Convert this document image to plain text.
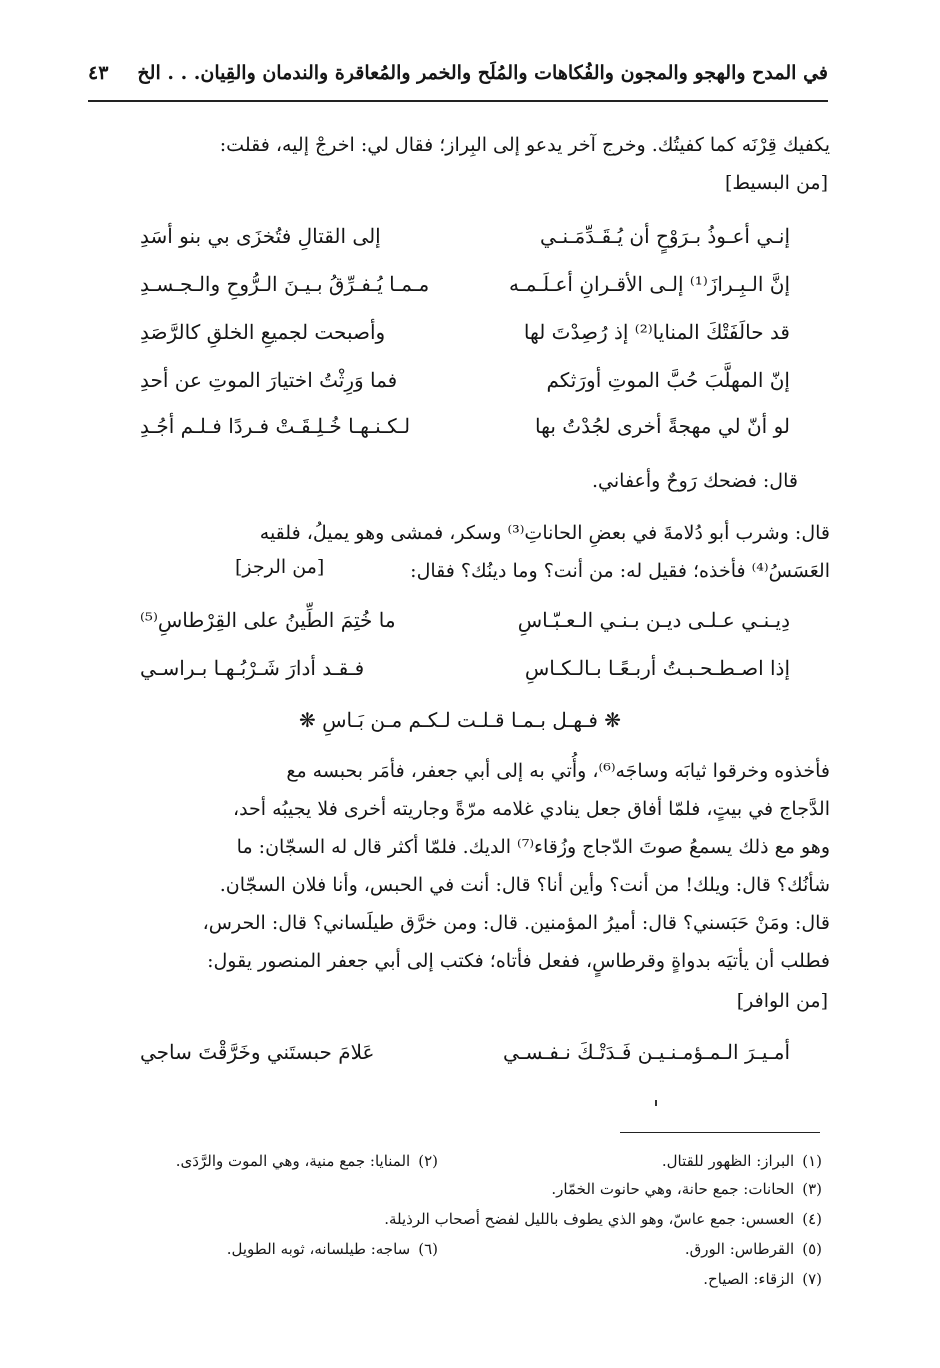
في المدح والهجو والمجون والفُكاهات والمُلَح والخمر والمُعاقرة والندمان والقِيان. . . الخ
٤٣
يكفيك قِرْنَه كما كفيتُك. وخرج آخر يدعو إلى البِراز؛ فقال لي: اخرجْ إليه، فقلت:
[من البسيط]
إنـي أعـوذُ بـرَوْحٍ أن يُـقَـدِّمَـنـي
إلى القتالِ فتُخزَى بي بنو أسَدِ
إنَّ الـبِـرازَ⁽¹⁾ إلـى الأقـرانِ أعـلَـمـه
مـمـا يُـفـرِّقُ بـيـنَ الـرُّوحِ والـجـسـدِ
قد حالَفَتْكَ المنايا⁽²⁾ إذ رُصِدْتَ لها
وأصبحت لجميعِ الخلقِ كالرَّصَدِ
إنّ المهلَّبَ حُبَّ الموتِ أورَثكم
فما وَرِثْتُ اختيارَ الموتِ عن أحدِ
لو أنّ لي مهجةً أخرى لجُدْتُ بها
لـكـنـهـا خُـلِـقَـتْ فـردًا فـلـم أجُـدِ
قال: فضحك رَوحٌ وأعفاني.
قال: وشرب أبو دُلامةَ في بعضِ الحاناتِ⁽³⁾ وسكر، فمشى وهو يميلُ، فلقيه
العَسَسُ⁽⁴⁾ فأخذه؛ فقيل له: من أنت؟ وما دينُك؟ فقال:
[من الرجز]
دِيـنـي عـلـى ديـن بـنـي الـعـبّـاسِ
ما خُتِمَ الطِّينُ على القِرْطاسِ⁽⁵⁾
إذا اصـطـحـبـتُ أربـعًـا بـالـكـاسِ
فـقـد أدارَ شَـرْبُـهـا بـراسـي
❋ فـهـل بـمـا قـلـت لـكـم مـن بَـاسِ ❋
فأخذوه وخرقوا ثيابَه وساجَه⁽⁶⁾، وأُتي به إلى أبي جعفر، فأمَر بحبسه مع
الدَّجاج في بيتٍ، فلمّا أفاق جعل ينادي غلامه مرّةً وجاريته أخرى فلا يجيبُه أحد،
وهو مع ذلك يسمعُ صوتَ الدّجاج وزُقاء⁽⁷⁾ الديك. فلمّا أكثر قال له السجّان: ما
شأنُك؟ قال: ويلك! من أنت؟ وأين أنا؟ قال: أنت في الحبس، وأنا فلان السجّان.
قال: ومَنْ حَبَسني؟ قال: أميرُ المؤمنين. قال: ومن خرَّق طيلَساني؟ قال: الحرس،
فطلب أن يأتيَه بدواةٍ وقرطاسٍ، ففعل فأتاه؛ فكتب إلى أبي جعفر المنصور يقول:
[من الوافر]
أمـيـرَ الـمـؤمـنـيـن فَـدَتْـكَ نـفـسـي
عَلامَ حبستَني وخَرَّقْتَ ساجي
(١)البراز: الظهور للقتال.
(٢)المنايا: جمع منية، وهي الموت والرَّدَى.
(٣)الحانات: جمع حانة، وهي حانوت الخمّار.
(٤)العسس: جمع عاسّ، وهو الذي يطوف بالليل لفضح أصحاب الرذيلة.
(٥)القرطاس: الورق.
(٦)ساجه: طيلسانه، ثوبه الطويل.
(٧)الزقاء: الصياح.
